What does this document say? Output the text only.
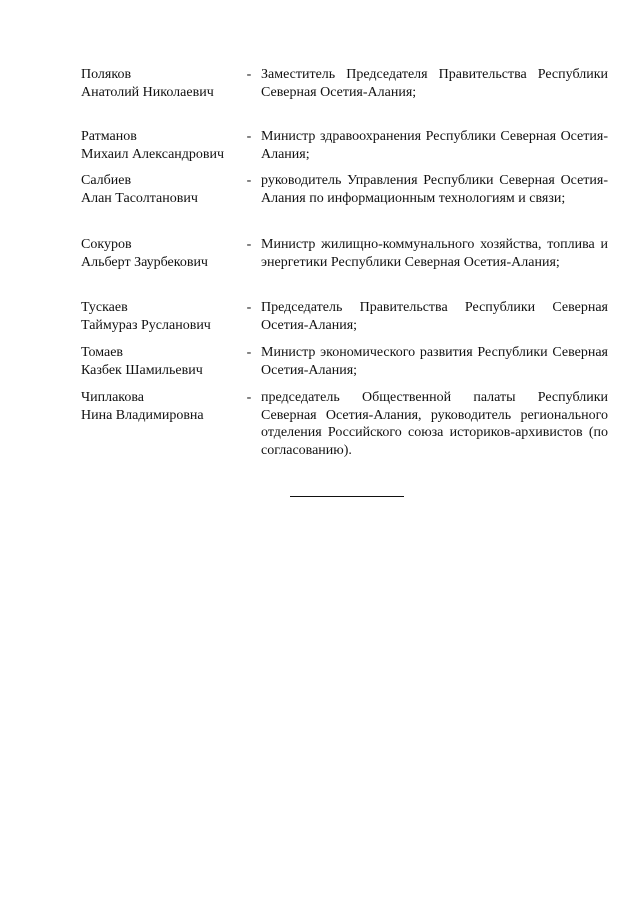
Поляков
Анатолий Николаевич
- Заместитель Председателя Правительства Республики Северная Осетия-Алания;
Ратманов
Михаил Александрович
- Министр здравоохранения Республики Северная Осетия-Алания;
Салбиев
Алан Тасолтанович
- руководитель Управления Республики Северная Осетия-Алания по информационным технологиям и связи;
Сокуров
Альберт Заурбекович
- Министр жилищно-коммунального хозяйства, топлива и энергетики Республики Северная Осетия-Алания;
Тускаев
Таймураз Русланович
- Председатель Правительства Республики Северная Осетия-Алания;
Томаев
Казбек Шамильевич
- Министр экономического развития Республики Северная Осетия-Алания;
Чиплакова
Нина Владимировна
- председатель Общественной палаты Республики Северная Осетия-Алания, руководитель регионального отделения Российского союза историков-архивистов (по согласованию).
